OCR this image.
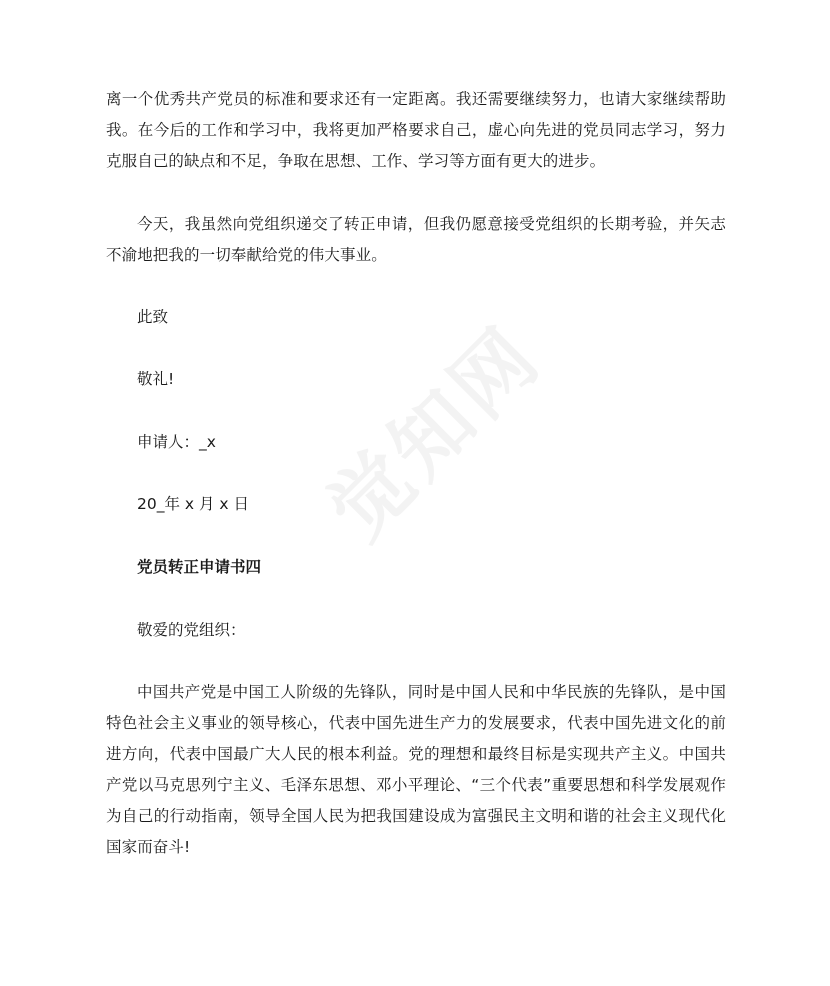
离一个优秀共产党员的标准和要求还有一定距离。我还需要继续努力，也请大家继续帮助我。在今后的工作和学习中，我将更加严格要求自己，虚心向先进的党员同志学习，努力克服自己的缺点和不足，争取在思想、工作、学习等方面有更大的进步。

今天，我虽然向党组织递交了转正申请，但我仍愿意接受党组织的长期考验，并矢志不渝地把我的一切奉献给党的伟大事业。

此致

敬礼!

申请人：_x

20_年 x 月 x 日

党员转正申请书四

敬爱的党组织：

中国共产党是中国工人阶级的先锋队，同时是中国人民和中华民族的先锋队，是中国特色社会主义事业的领导核心，代表中国先进生产力的发展要求，代表中国先进文化的前进方向，代表中国最广大人民的根本利益。党的理想和最终目标是实现共产主义。中国共产党以马克思列宁主义、毛泽东思想、邓小平理论、“三个代表”重要思想和科学发展观作为自己的行动指南，领导全国人民为把我国建设成为富强民主文明和谐的社会主义现代化国家而奋斗!

觉知网
